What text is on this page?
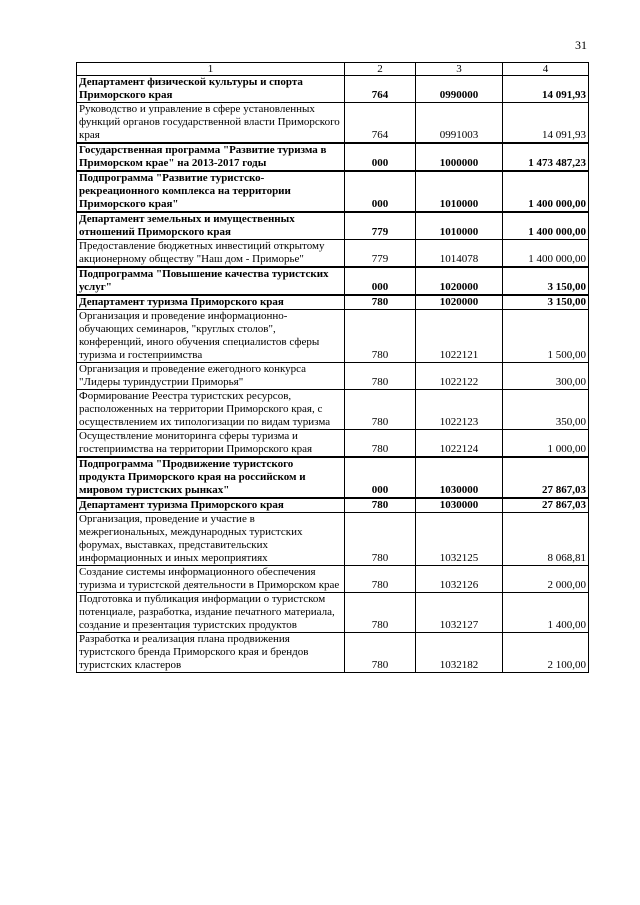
31
1	2	3	4
Департамент физической культуры и спорта Приморского края	764	0990000	14 091,93
Руководство и управление в сфере установленных функций органов государственной власти Приморского края	764	0991003	14 091,93
Государственная программа "Развитие туризма в Приморском крае" на 2013-2017 годы	000	1000000	1 473 487,23
Подпрограмма "Развитие туристско-рекреационного комплекса на территории Приморского края"	000	1010000	1 400 000,00
Департамент земельных и имущественных отношений Приморского края	779	1010000	1 400 000,00
Предоставление бюджетных инвестиций открытому акционерному обществу "Наш дом - Приморье"	779	1014078	1 400 000,00
Подпрограмма "Повышение качества туристских услуг"	000	1020000	3 150,00
Департамент туризма Приморского края	780	1020000	3 150,00
Организация и проведение информационно-обучающих семинаров, "круглых столов", конференций, иного обучения специалистов сферы туризма и гостеприимства	780	1022121	1 500,00
Организация и проведение ежегодного конкурса "Лидеры туриндустрии Приморья"	780	1022122	300,00
Формирование Реестра туристских ресурсов, расположенных на территории Приморского края, с осуществлением их типологизации по видам туризма	780	1022123	350,00
Осуществление мониторинга сферы туризма и гостеприимства на территории Приморского края	780	1022124	1 000,00
Подпрограмма "Продвижение туристского продукта Приморского края на российском и мировом туристских рынках"	000	1030000	27 867,03
Департамент туризма Приморского края	780	1030000	27 867,03
Организация, проведение и участие в межрегиональных, международных туристских форумах, выставках, представительских информационных и иных мероприятиях	780	1032125	8 068,81
Создание системы информационного обеспечения туризма и туристской деятельности в Приморском крае	780	1032126	2 000,00
Подготовка и публикация информации о туристском потенциале, разработка, издание печатного материала, создание и презентация туристских продуктов	780	1032127	1 400,00
Разработка и реализация плана продвижения туристского бренда Приморского края и брендов туристских кластеров	780	1032182	2 100,00
